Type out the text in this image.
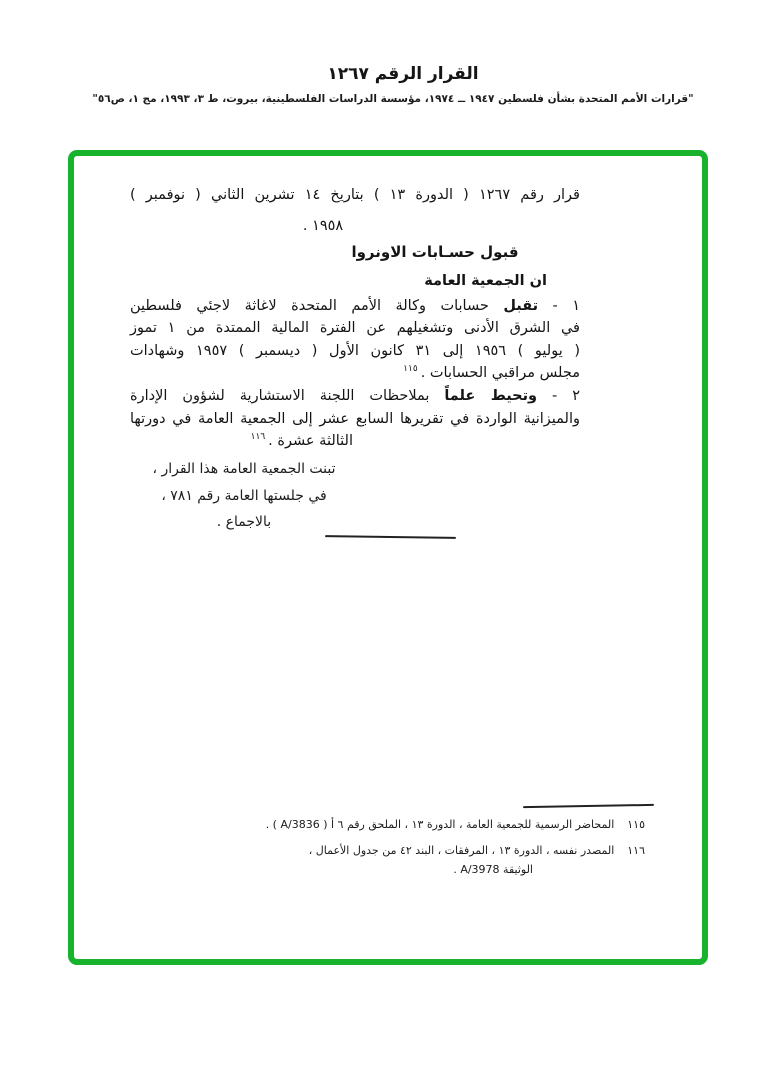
القرار الرقم ١٢٦٧
"قرارات الأمم المتحدة بشأن فلسطين ١٩٤٧ ــ ١٩٧٤، مؤسسة الدراسات الفلسطينية، بيروت، ط ٣، ١٩٩٣، مج ١، ص٥٦"
قرار رقم ١٢٦٧ ( الدورة ١٣ ) بتاريخ ١٤ تشرين الثاني ( نوفمبر )
١٩٥٨ .
قبول حسـابات الاونروا
ان الجمعية العامة
١ - تقبل حسابات وكالة الأمم المتحدة لاغاثة لاجئي فلسطين
في الشرق الأدنى وتشغيلهم عن الفترة المالية الممتدة من ١ تموز
( يوليو ) ١٩٥٦ إلى ٣١ كانون الأول ( ديسمبر ) ١٩٥٧ وشهادات
مجلس مراقبي الحسابات .$^{١١٥}$
٢ - وتحيط علماً بملاحظات اللجنة الاستشارية لشؤون الإدارة
والميزانية الواردة في تقريرها السابع عشر إلى الجمعية العامة في دورتها
الثالثة عشرة .$^{١١٦}$
تبنت الجمعية العامة هذا القرار ،
في جلستها العامة رقم ٧٨١ ،
بالاجماع .
١١٥
المحاضر الرسمية للجمعية العامة ، الدورة ١٣ ، الملحق رقم ٦ أ ( A/3836 ) .
١١٦
المصدر نفسه ، الدورة ١٣ ، المرفقات ، البند ٤٢ من جدول الأعمال ،
الوثيقة A/3978 .
